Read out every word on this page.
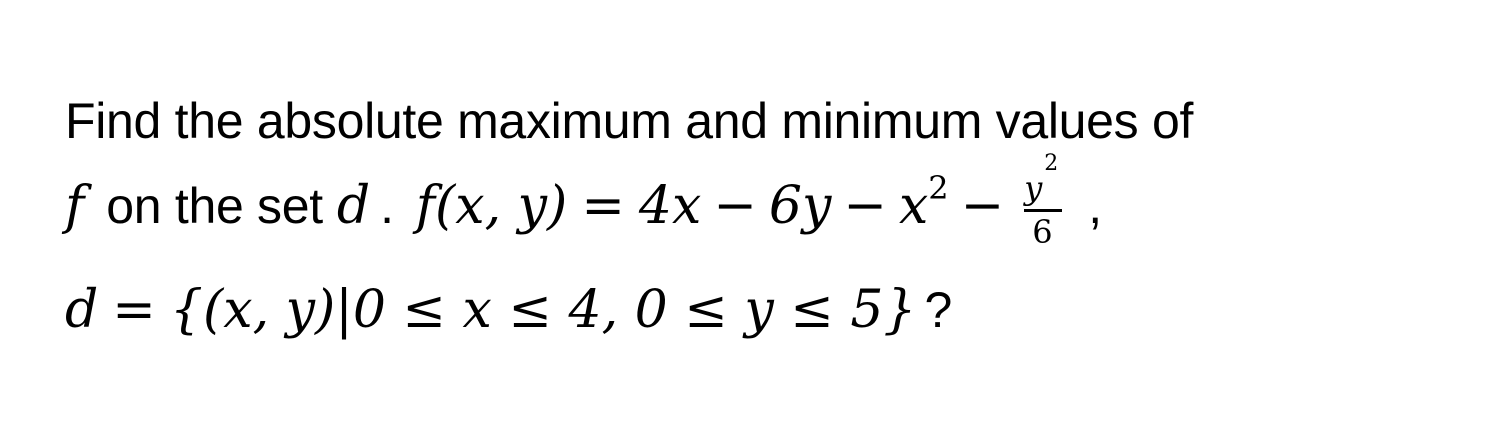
Find the absolute maximum and minimum values of
f on the set d . f (x, y) = 4x − 6y − x 2 − y
2
6 ,
d = {(x, y)|0 ≤ x ≤ 4, 0 ≤ y ≤ 5} ?
